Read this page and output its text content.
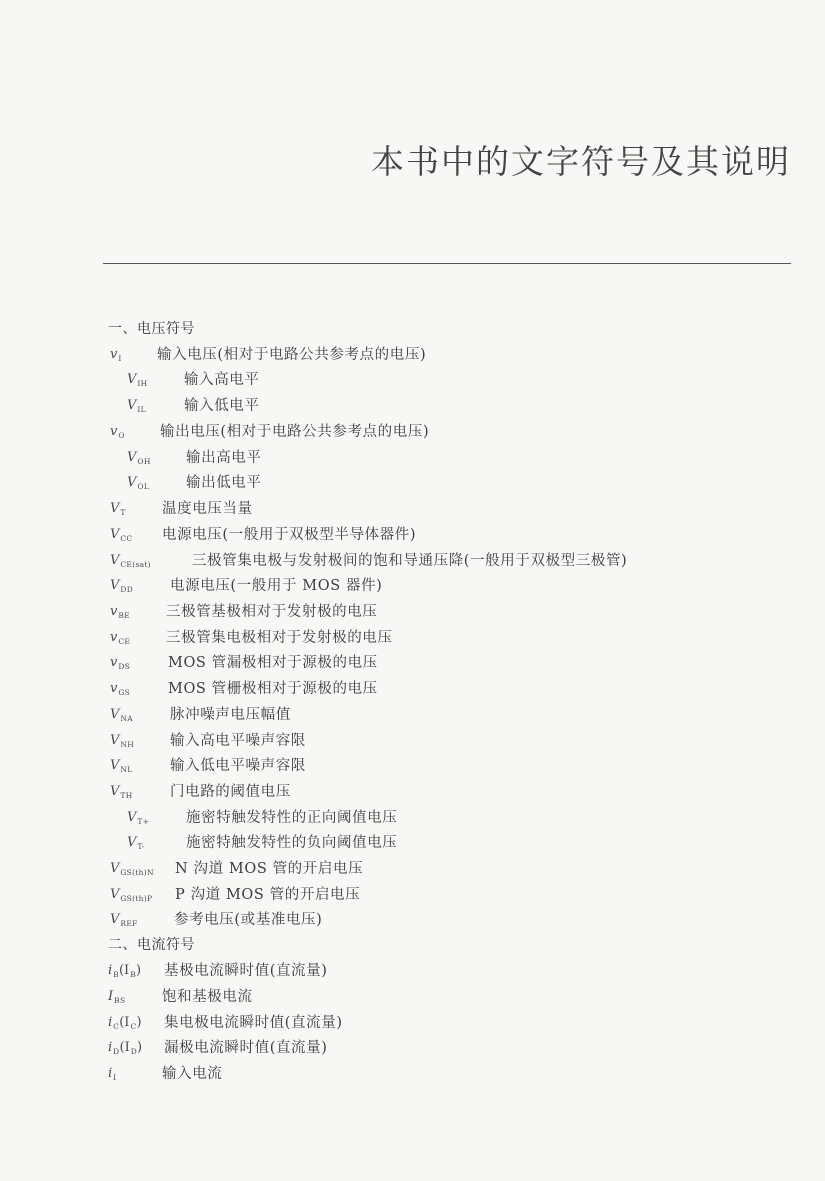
本书中的文字符号及其说明
一、电压符号
$v_I$ 输入电压(相对于电路公共参考点的电压)
$V_{IH}$	输入高电平
$V_{IL}$	输入低电平
$v_O$ 输出电压(相对于电路公共参考点的电压)
$V_{OH}$ 输出高电平
$V_{OL}$	输出低电平
$V_T$	温度电压当量
$V_{CC}$ 电源电压(一般用于双极型半导体器件)
$V_{CE(sat)}$	三极管集电极与发射极间的饱和导通压降(一般用于双极型三极管)
$V_{DD}$	电源电压(一般用于 MOS 器件)
$v_{BE}$ 三极管基极相对于发射极的电压
$v_{CE}$ 三极管集电极相对于发射极的电压
$v_{DS}$	MOS 管漏极相对于源极的电压
$v_{GS}$	MOS 管栅极相对于源极的电压
$V_{NA}$	脉冲噪声电压幅值
$V_{NH}$ 输入高电平噪声容限
$V_{NL}$	输入低电平噪声容限
$V_{TH}$	门电路的阈值电压
$V_{T+}$	施密特触发特性的正向阈值电压
$V_{T-}$	施密特触发特性的负向阈值电压
$V_{GS(th)N}$ N 沟道 MOS 管的开启电压
$V_{GS(th)P}$ P 沟道 MOS 管的开启电压
$V_{REF}$	参考电压(或基准电压)
二、电流符号
$i_B(I_B)$ 基极电流瞬时值(直流量)
$I_{BS}$	饱和基极电流
$i_C(I_C)$ 集电极电流瞬时值(直流量)
$i_D(I_D)$ 漏极电流瞬时值(直流量)
$i_I$	输入电流
